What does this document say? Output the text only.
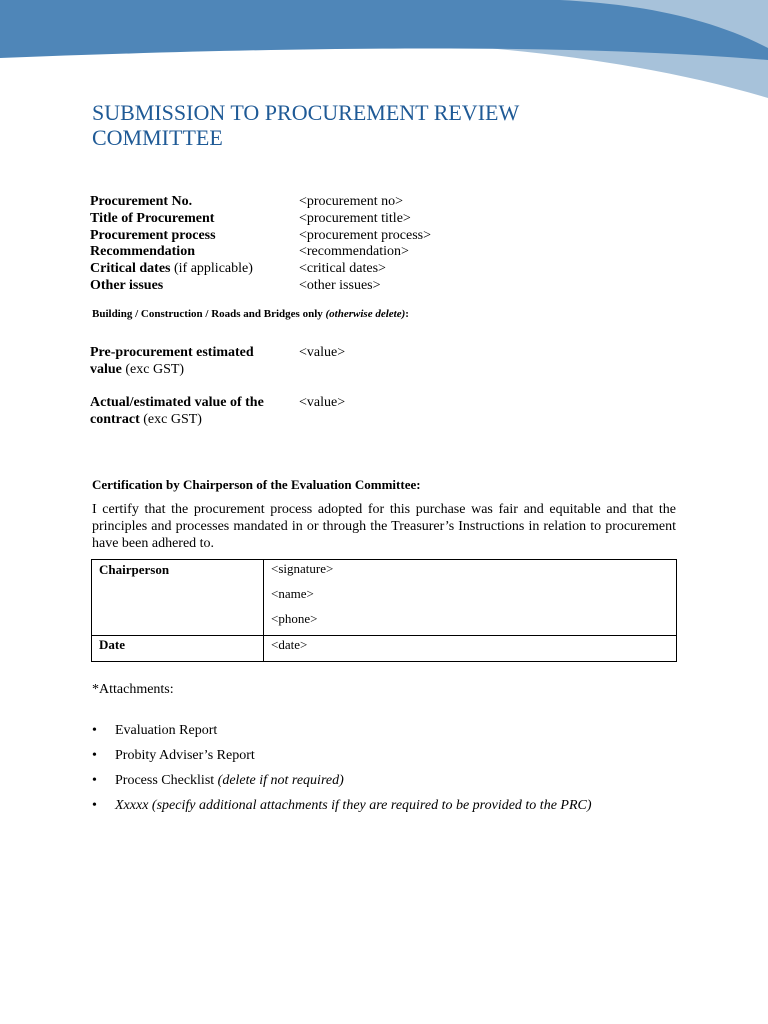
SUBMISSION TO PROCUREMENT REVIEW
COMMITTEE
Procurement No.	<procurement no>
Title of Procurement	<procurement title>
Procurement process	<procurement process>
Recommendation	<recommendation>
Critical dates (if applicable)	<critical dates>
Other issues	<other issues>
Building / Construction / Roads and Bridges only (otherwise delete):
Pre-procurement estimated
value (exc GST)
<value>
Actual/estimated value of the
contract (exc GST)
<value>
Certification by Chairperson of the Evaluation Committee:

I certify that the procurement process adopted for this purchase was fair and equitable and that the principles and processes mandated in or through the Treasurer’s Instructions in relation to procurement have been adhered to.

Chairperson	<signature>
<name>
<phone>

Date	<date>
*Attachments:
• Evaluation Report
• Probity Adviser’s Report
• Process Checklist (delete if not required)
• Xxxxx (specify additional attachments if they are required to be provided to the PRC)
